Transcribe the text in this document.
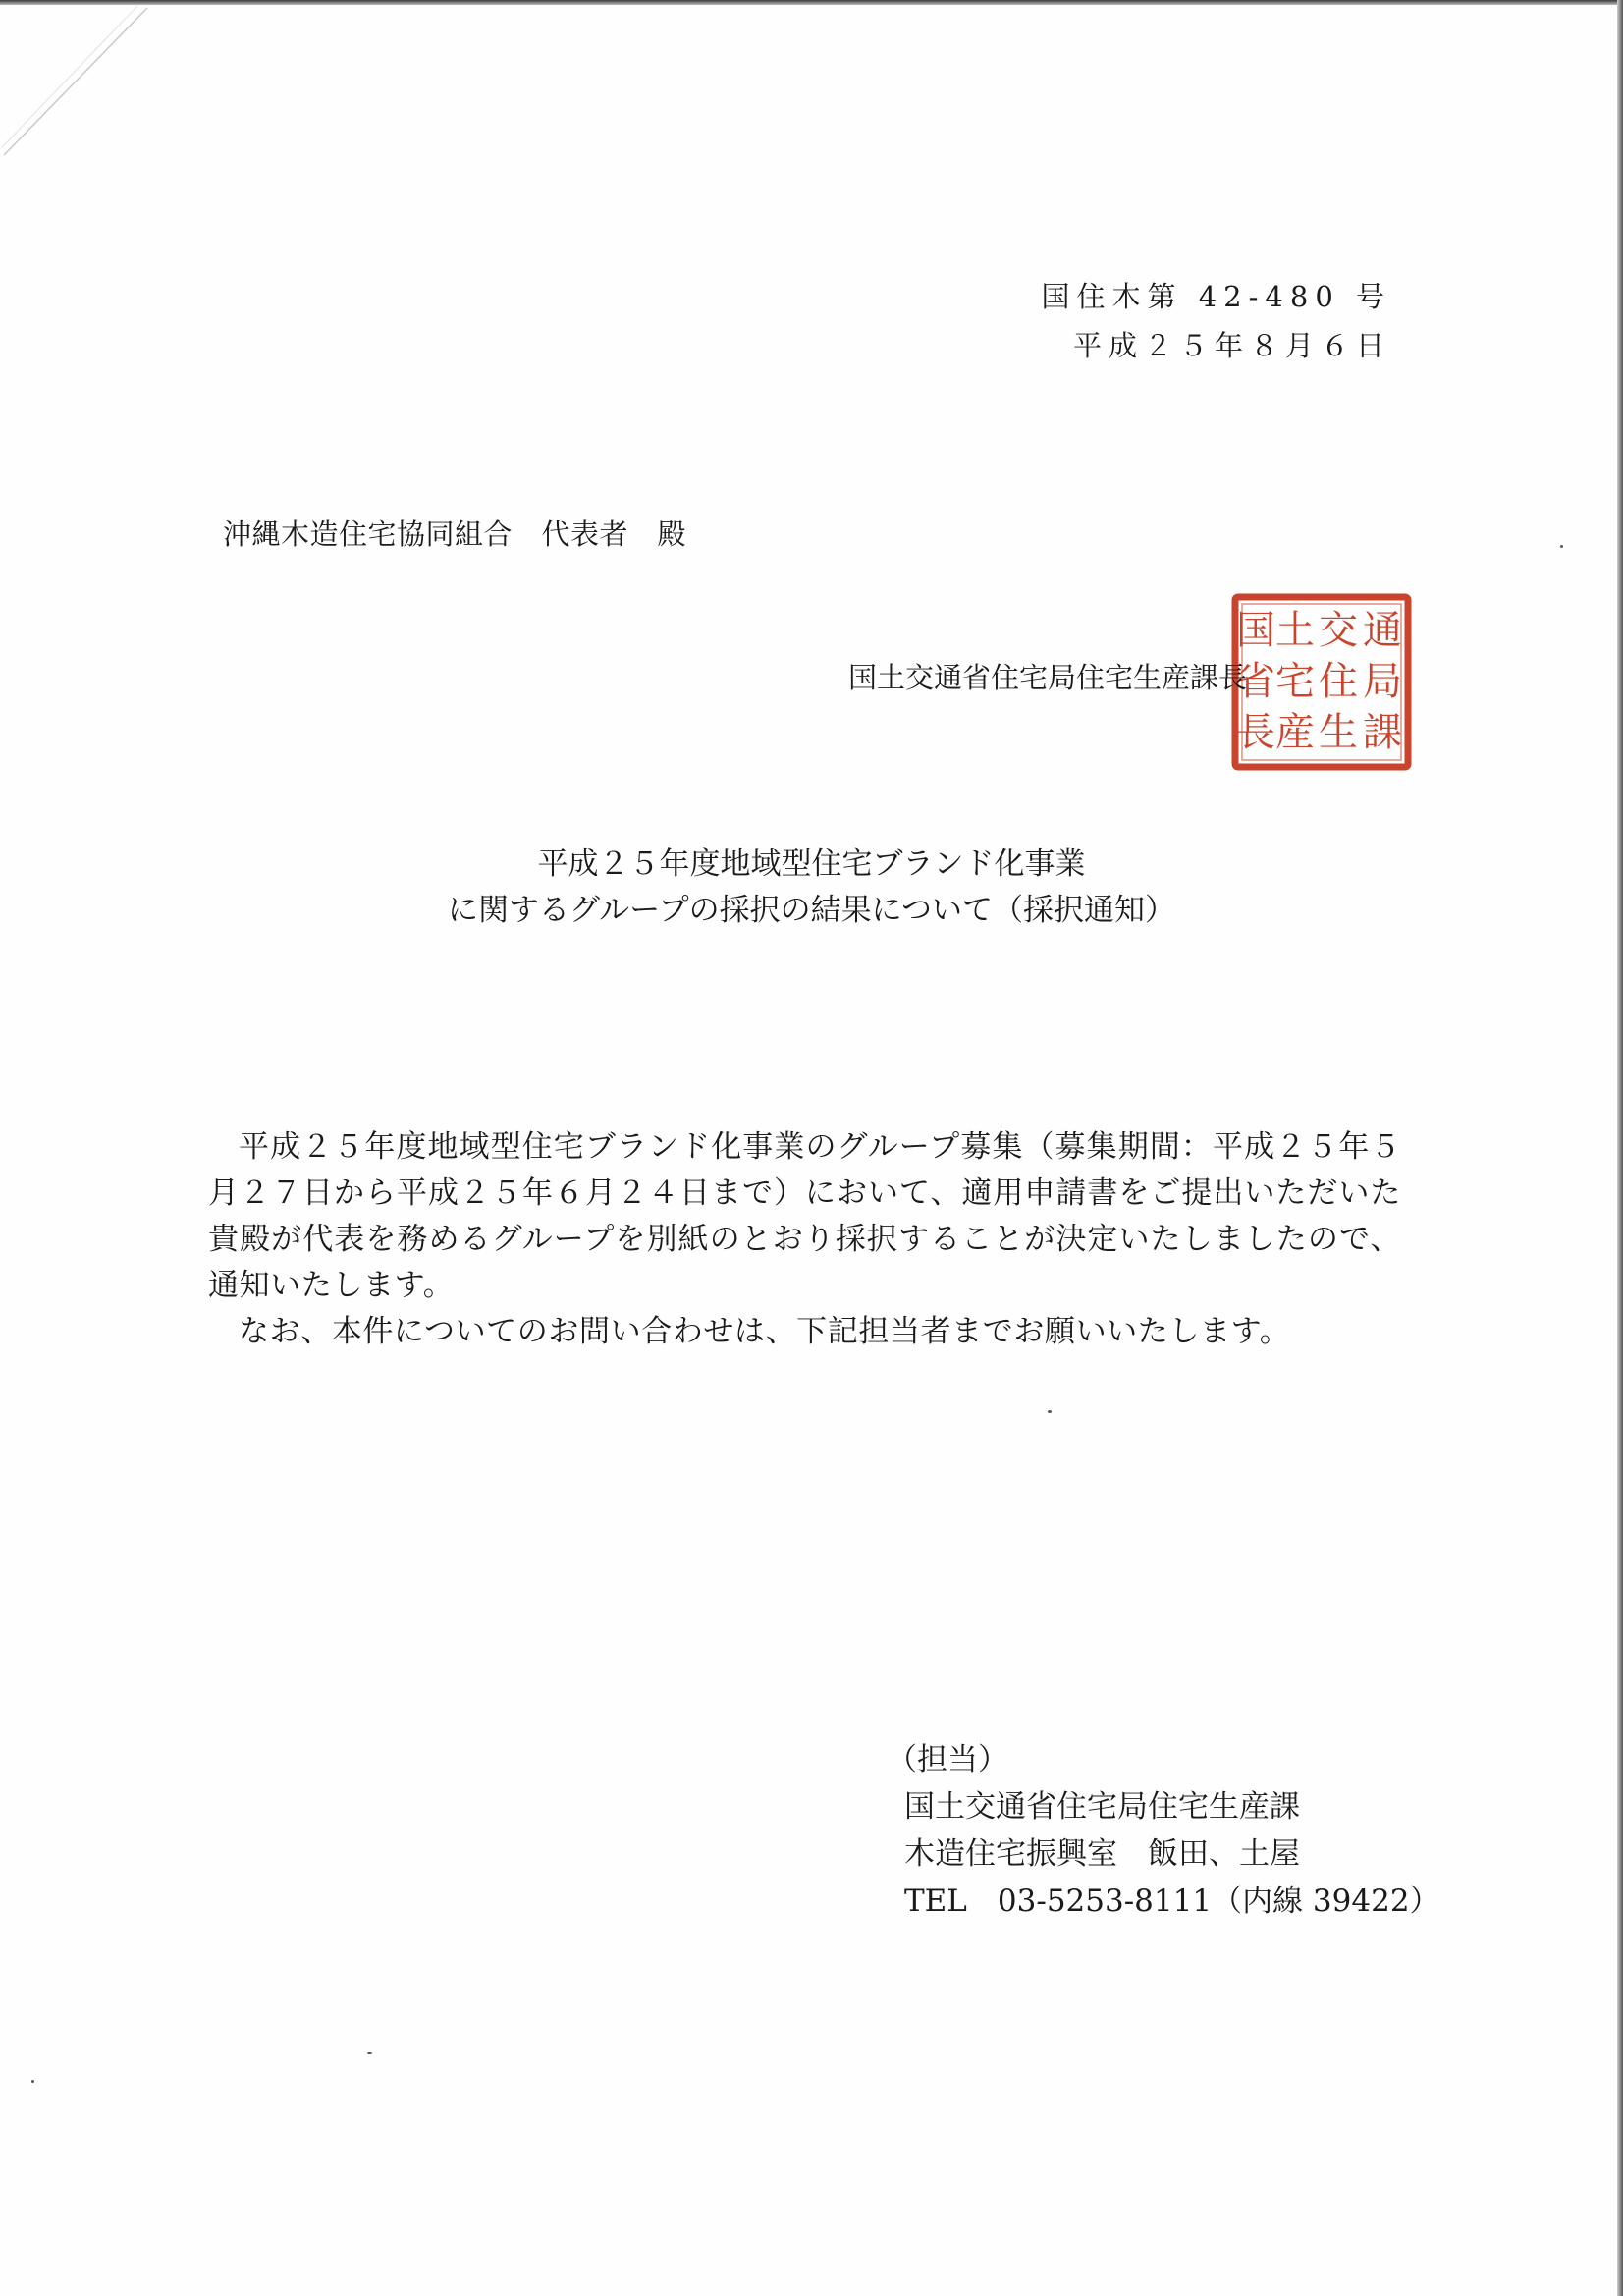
国住木第 42-480 号
平成２５年８月６日
沖縄木造住宅協同組合　代表者　殿
国土交通省住宅局住宅生産課長
通
局
課
交
住
生
土
宅
産
国
省
長
平成２５年度地域型住宅ブランド化事業
に関するグループの採択の結果について（採択通知）

平成２５年度地域型住宅ブランド化事業のグループ募集（募集期間：平成２５年５月２７日から平成２５年６月２４日まで）において、適用申請書をご提出いただいた貴殿が代表を務めるグループを別紙のとおり採択することが決定いたしましたので、通知いたします。

なお、本件についてのお問い合わせは、下記担当者までお願いいたします。

（担当）
国土交通省住宅局住宅生産課
木造住宅振興室　飯田、土屋
TEL　03-5253-8111（内線 39422）
